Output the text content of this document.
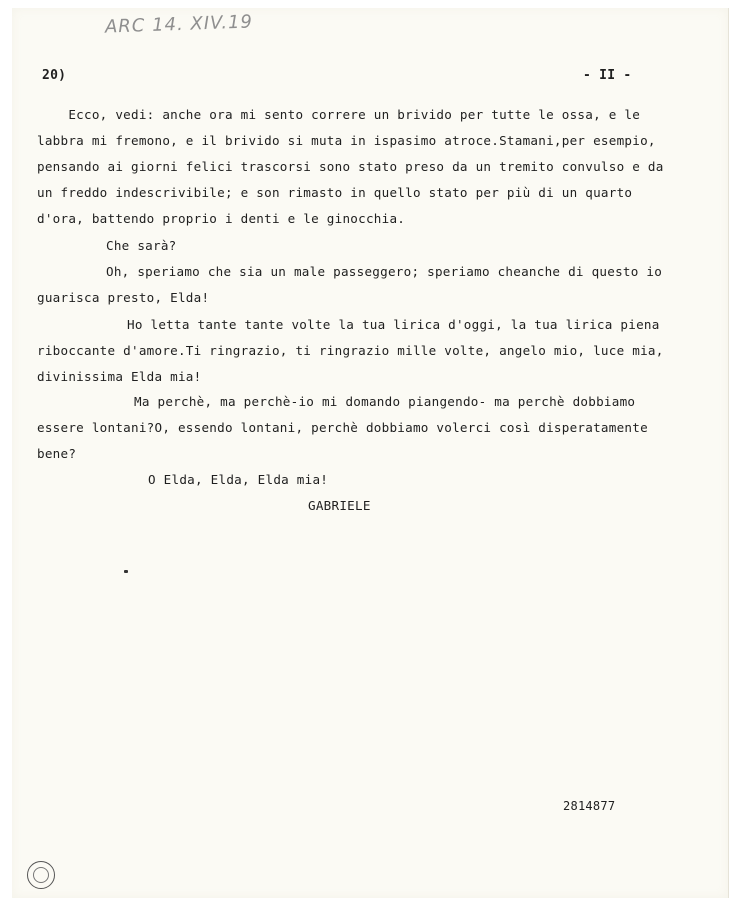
ARC 14. XIV.19
20)	- II -
Ecco, vedi: anche ora mi sento correre un brivido per tutte le ossa, e le
labbra mi fremono, e il brivido si muta in ispasimo atroce.Stamani,per esempio,
pensando ai giorni felici trascorsi sono stato preso da un tremito convulso e da
un freddo indescrivibile; e son rimasto in quello stato per più di un quarto
d'ora, battendo proprio i denti e le ginocchia.
Che sarà?
Oh, speriamo che sia un male passeggero; speriamo cheanche di questo io
guarisca presto, Elda!
Ho letta tante tante volte la tua lirica d'oggi, la tua lirica piena
riboccante d'amore.Ti ringrazio, ti ringrazio mille volte, angelo mio, luce mia,
divinissima Elda mia!
Ma perchè, ma perchè-io mi domando piangendo- ma perchè dobbiamo
essere lontani?O, essendo lontani, perchè dobbiamo volerci così disperatamente
bene?
O Elda, Elda, Elda mia!
GABRIELE
2814877
